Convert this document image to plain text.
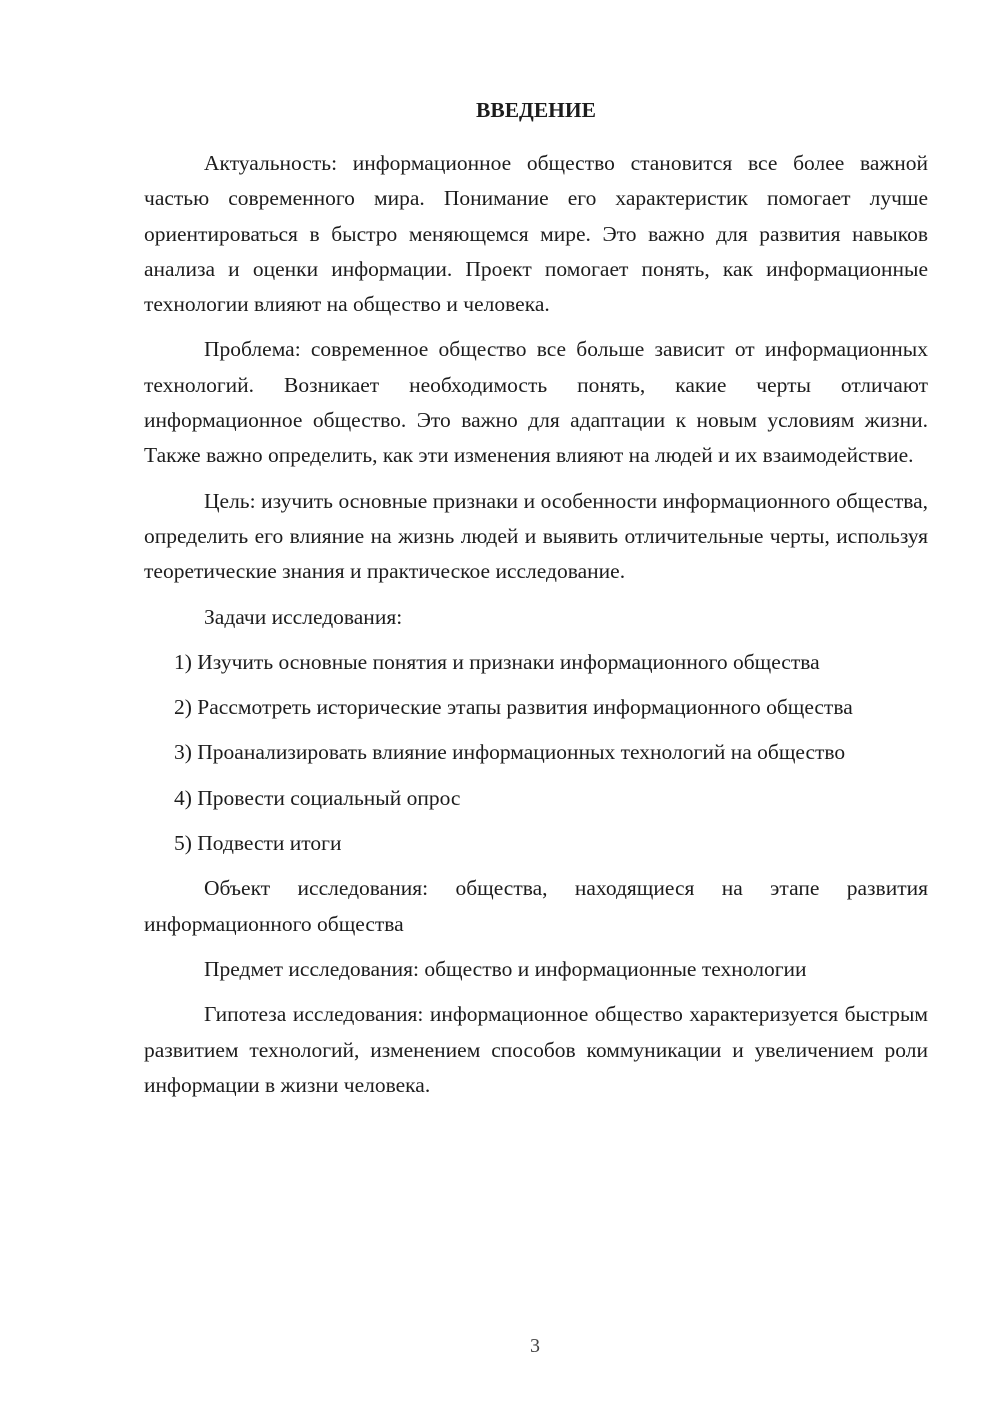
ВВЕДЕНИЕ

Актуальность: информационное общество становится все более важной частью современного мира. Понимание его характеристик помогает лучше ориентироваться в быстро меняющемся мире. Это важно для развития навыков анализа и оценки информации. Проект помогает понять, как информационные технологии влияют на общество и человека.

Проблема: современное общество все больше зависит от информационных технологий. Возникает необходимость понять, какие черты отличают информационное общество. Это важно для адаптации к новым условиям жизни. Также важно определить, как эти изменения влияют на людей и их взаимодействие.

Цель: изучить основные признаки и особенности информационного общества, определить его влияние на жизнь людей и выявить отличительные черты, используя теоретические знания и практическое исследование.

Задачи исследования:

1) Изучить основные понятия и признаки информационного общества

2) Рассмотреть исторические этапы развития информационного общества

3) Проанализировать влияние информационных технологий на общество

4) Провести социальный опрос

5) Подвести итоги

Объект исследования: общества, находящиеся на этапе развития информационного общества

Предмет исследования: общество и информационные технологии

Гипотеза исследования: информационное общество характеризуется быстрым развитием технологий, изменением способов коммуникации и увеличением роли информации в жизни человека.

3
